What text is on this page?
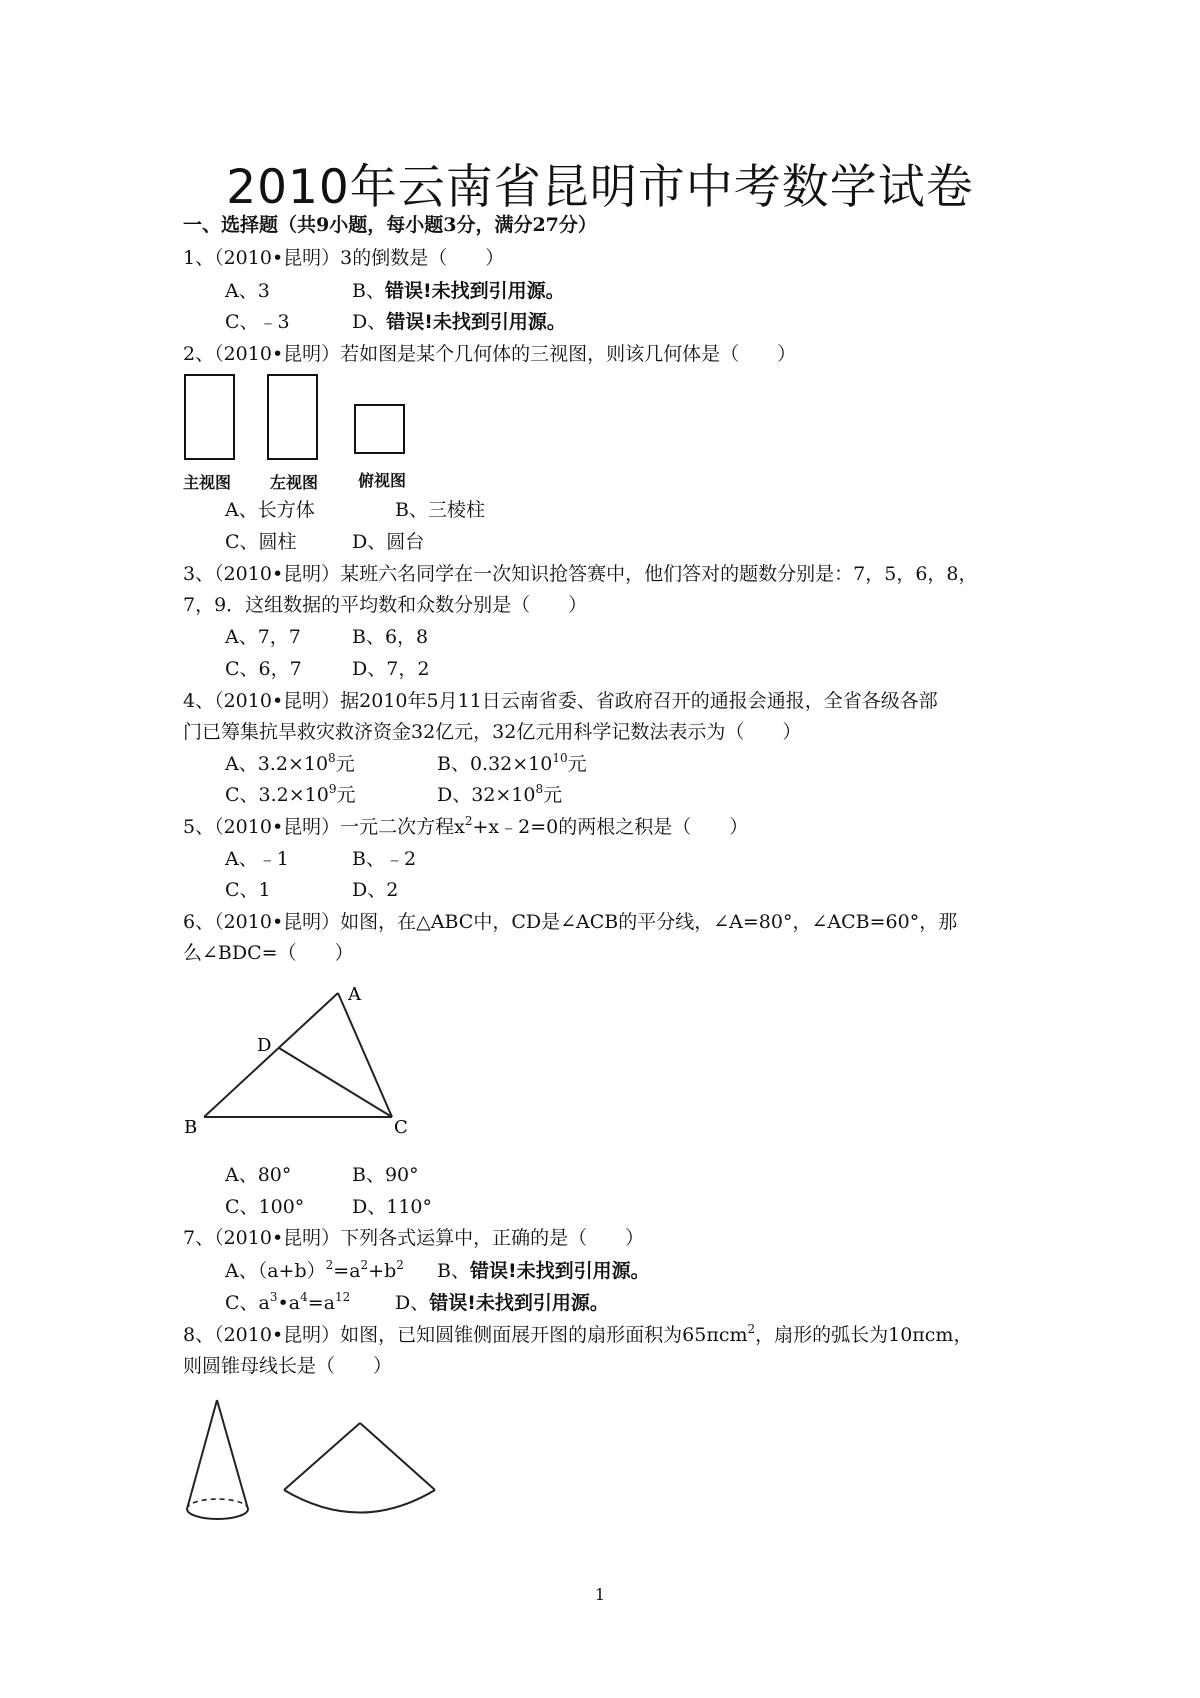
2010年云南省昆明市中考数学试卷
一、选择题（共9小题，每小题3分，满分27分）
1、（2010•昆明）3的倒数是（　　）
A、3	B、错误!未找到引用源。
C、﹣3	D、错误!未找到引用源。
2、（2010•昆明）若如图是某个几何体的三视图，则该几何体是（　　）
主视图 左视图 俯视图
A、长方体	B、三棱柱
C、圆柱	D、圆台
3、（2010•昆明）某班六名同学在一次知识抢答赛中，他们答对的题数分别是：7，5，6，8，
7，9．这组数据的平均数和众数分别是（　　）
A、7，7	B、6，8
C、6，7	D、7，2
4、（2010•昆明）据2010年5月11日云南省委、省政府召开的通报会通报，全省各级各部
门已筹集抗旱救灾救济资金32亿元，32亿元用科学记数法表示为（　　）
A、$3.2\times 10^8$元	B、$0.32\times 10^{10}$元
C、$3.2\times 10^9$元	D、$32\times 10^8$元
5、（2010•昆明）一元二次方程$x^2+x﹣2=0$的两根之积是（　　）
A、﹣1	B、﹣2
C、1	D、2
6、（2010•昆明）如图，在△ABC中，CD是∠ACB的平分线，∠A=80°，∠ACB=60°，那
么∠BDC=（　　）
A
B	C
D
A、80°	B、90°
C、100°	D、110°
7、（2010•昆明）下列各式运算中，正确的是（　　）
A、$(a+b)^2=a^2+b^2$ B、错误!未找到引用源。
C、$a^3•a^4=a^{12}$ D、错误!未找到引用源。
8、（2010•昆明）如图，已知圆锥侧面展开图的扇形面积为65πcm$^2$，扇形的弧长为10πcm，
则圆锥母线长是（　　）
1
